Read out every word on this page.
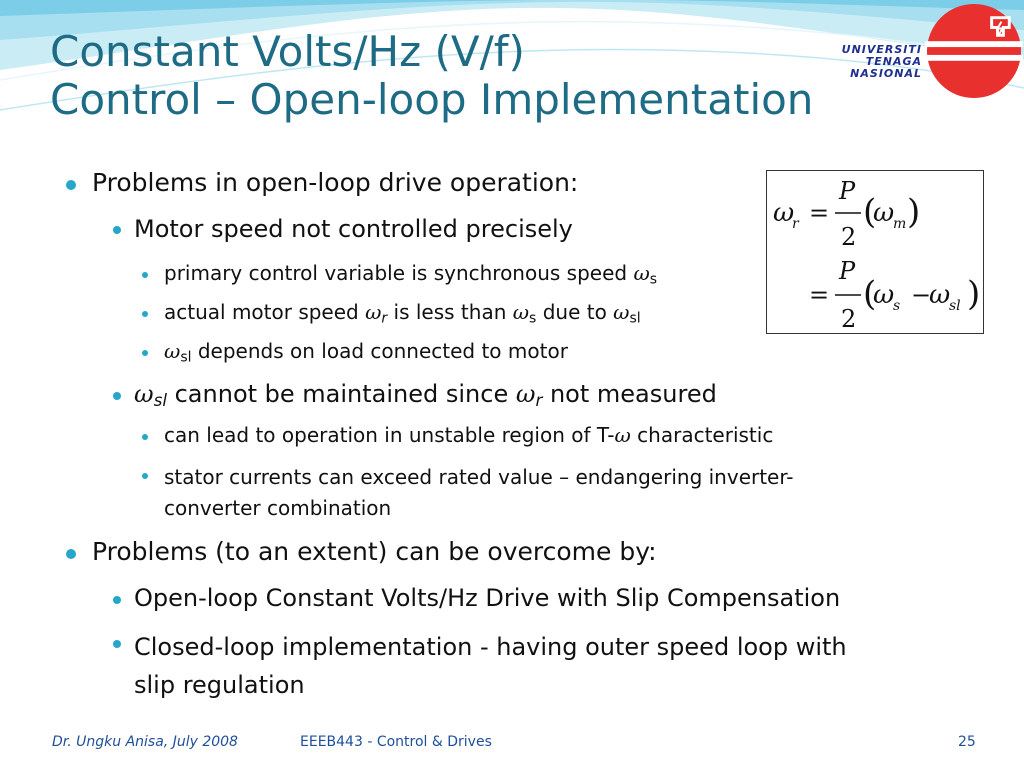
Constant Volts/Hz (V/f)
Control – Open-loop Implementation
UNIVERSITI
TENAGA
NASIONAL
Problems in open-loop drive operation:
Motor speed not controlled precisely
primary control variable is synchronous speed $\omega_s$
actual motor speed ωr is less than $\omega_s$ due to $\omega_{sl}$
$\omega_{sl}$ depends on load connected to motor
ωsl cannot be maintained since ωr not measured
can lead to operation in unstable region of T-ω characteristic
stator currents can exceed rated value – endangering inverter-
converter combination
Problems (to an extent) can be overcome by:
Open-loop Constant Volts/Hz Drive with Slip Compensation
Closed-loop implementation - having outer speed loop with
slip regulation
ω
r =
P
2
(
ω
m )
=
P
2
(
ω
s −
ω
sl )
Dr. Ungku Anisa, July 2008	EEEB443 - Control & Drives	25
